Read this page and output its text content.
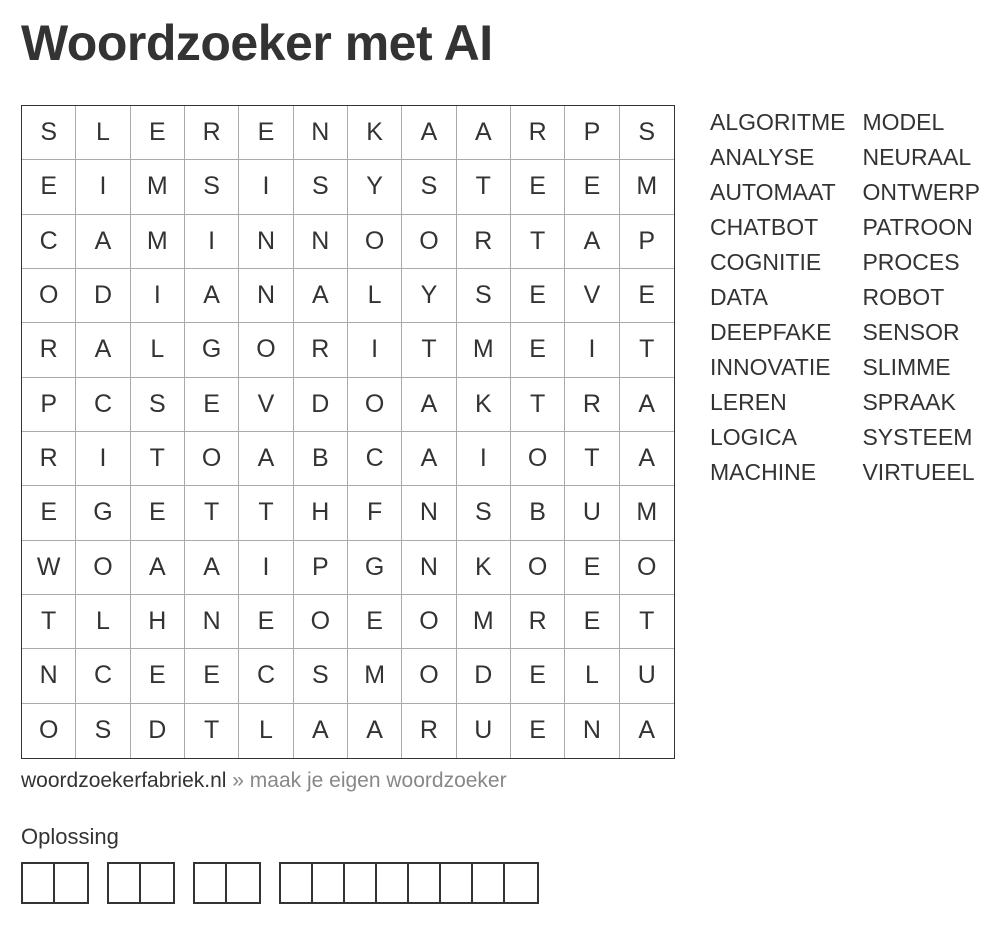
Woordzoeker met AI
S	L	E	R	E	N	K	A	A	R	P	S
E	I	M	S	I	S	Y	S	T	E	E	M
C	A	M	I	N	N	O	O	R	T	A	P
O	D	I	A	N	A	L	Y	S	E	V	E
R	A	L	G	O	R	I	T	M	E	I	T
P	C	S	E	V	D	O	A	K	T	R	A
R	I	T	O	A	B	C	A	I	O	T	A
E	G	E	T	T	H	F	N	S	B	U	M
W	O	A	A	I	P	G	N	K	O	E	O
T	L	H	N	E	O	E	O	M	R	E	T
N	C	E	E	C	S	M	O	D	E	L	U
O	S	D	T	L	A	A	R	U	E	N	A
ALGORITME
ANALYSE
AUTOMAAT
CHATBOT
COGNITIE
DATA
DEEPFAKE
INNOVATIE
LEREN
LOGICA
MACHINE
MODEL
NEURAAL
ONTWERP
PATROON
PROCES
ROBOT
SENSOR
SLIMME
SPRAAK
SYSTEEM
VIRTUEEL
woordzoekerfabriek.nl » maak je eigen woordzoeker
Oplossing
